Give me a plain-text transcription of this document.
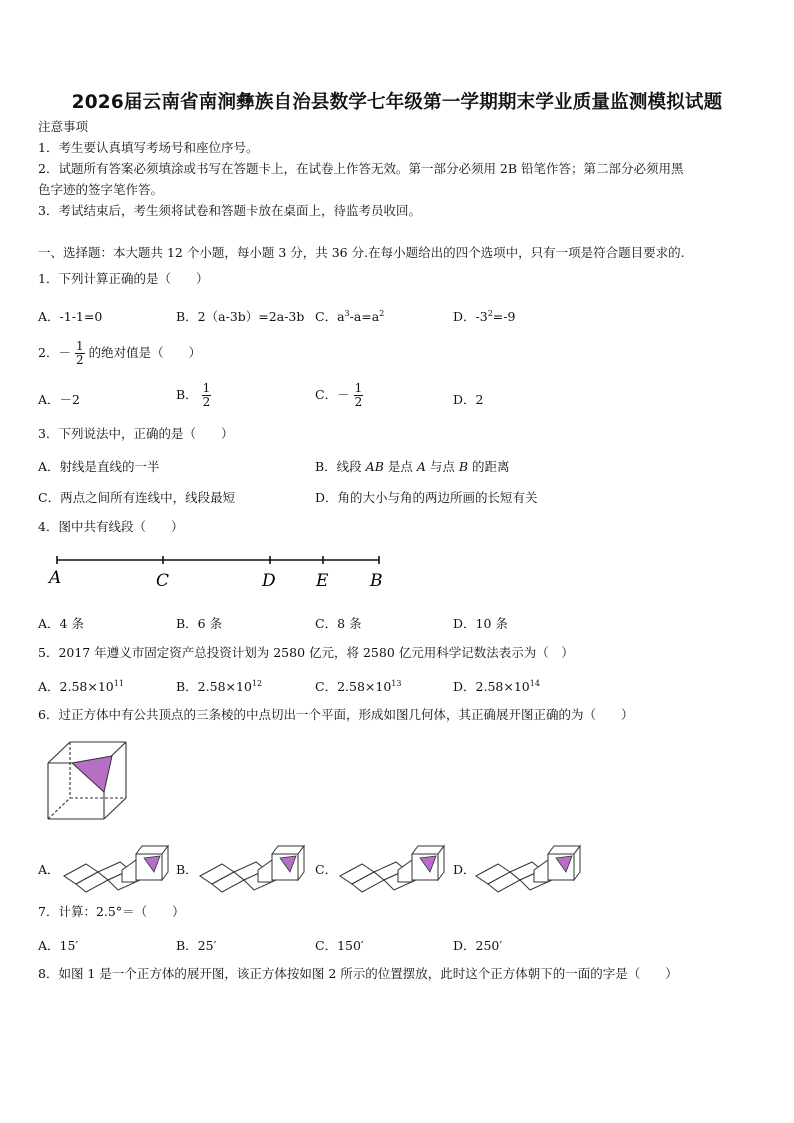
2026届云南省南涧彝族自治县数学七年级第一学期期末学业质量监测模拟试题
注意事项
1．考生要认真填写考场号和座位序号。
2．试题所有答案必须填涂或书写在答题卡上，在试卷上作答无效。第一部分必须用 2B 铅笔作答；第二部分必须用黑
色字迹的签字笔作答。
3．考试结束后，考生须将试卷和答题卡放在桌面上，待监考员收回。
一、选择题：本大题共 12 个小题，每小题 3 分，共 36 分.在每小题给出的四个选项中，只有一项是符合题目要求的.
1．下列计算正确的是（　　）
A．-1-1=0	B．2（a-3b）=2a-3b C．$a^3-a=a^2$	D．$-3^2=-9$
2．－ $\frac{1}{2}$ 的绝对值是（　　）
A．－2	B． $\frac{1}{2}$	C．－ $\frac{1}{2}$	D．2
3．下列说法中，正确的是（　　）
A．射线是直线的一半	B．线段 AB 是点 A 与点 B 的距离
C．两点之间所有连线中，线段最短	D．角的大小与角的两边所画的长短有关
4．图中共有线段（　　）
A	C	D E B
A．4 条	B．6 条	C．8 条	D．10 条
5．2017 年遵义市固定资产总投资计划为 2580 亿元，将 2580 亿元用科学记数法表示为（　）
A．$2.58\times 10^{11}$	B．$2.58\times 10^{12}$	C．$2.58\times 10^{13}$	D．$2.58\times 10^{14}$
6．过正方体中有公共顶点的三条棱的中点切出一个平面，形成如图几何体，其正确展开图正确的为（　　）
A．	B．	C．	D．
7．计算：2.5°＝（　　）
A．15′	B．25′	C．150′	D．250′
8．如图 1 是一个正方体的展开图，该正方体按如图 2 所示的位置摆放，此时这个正方体朝下的一面的字是（　　）
